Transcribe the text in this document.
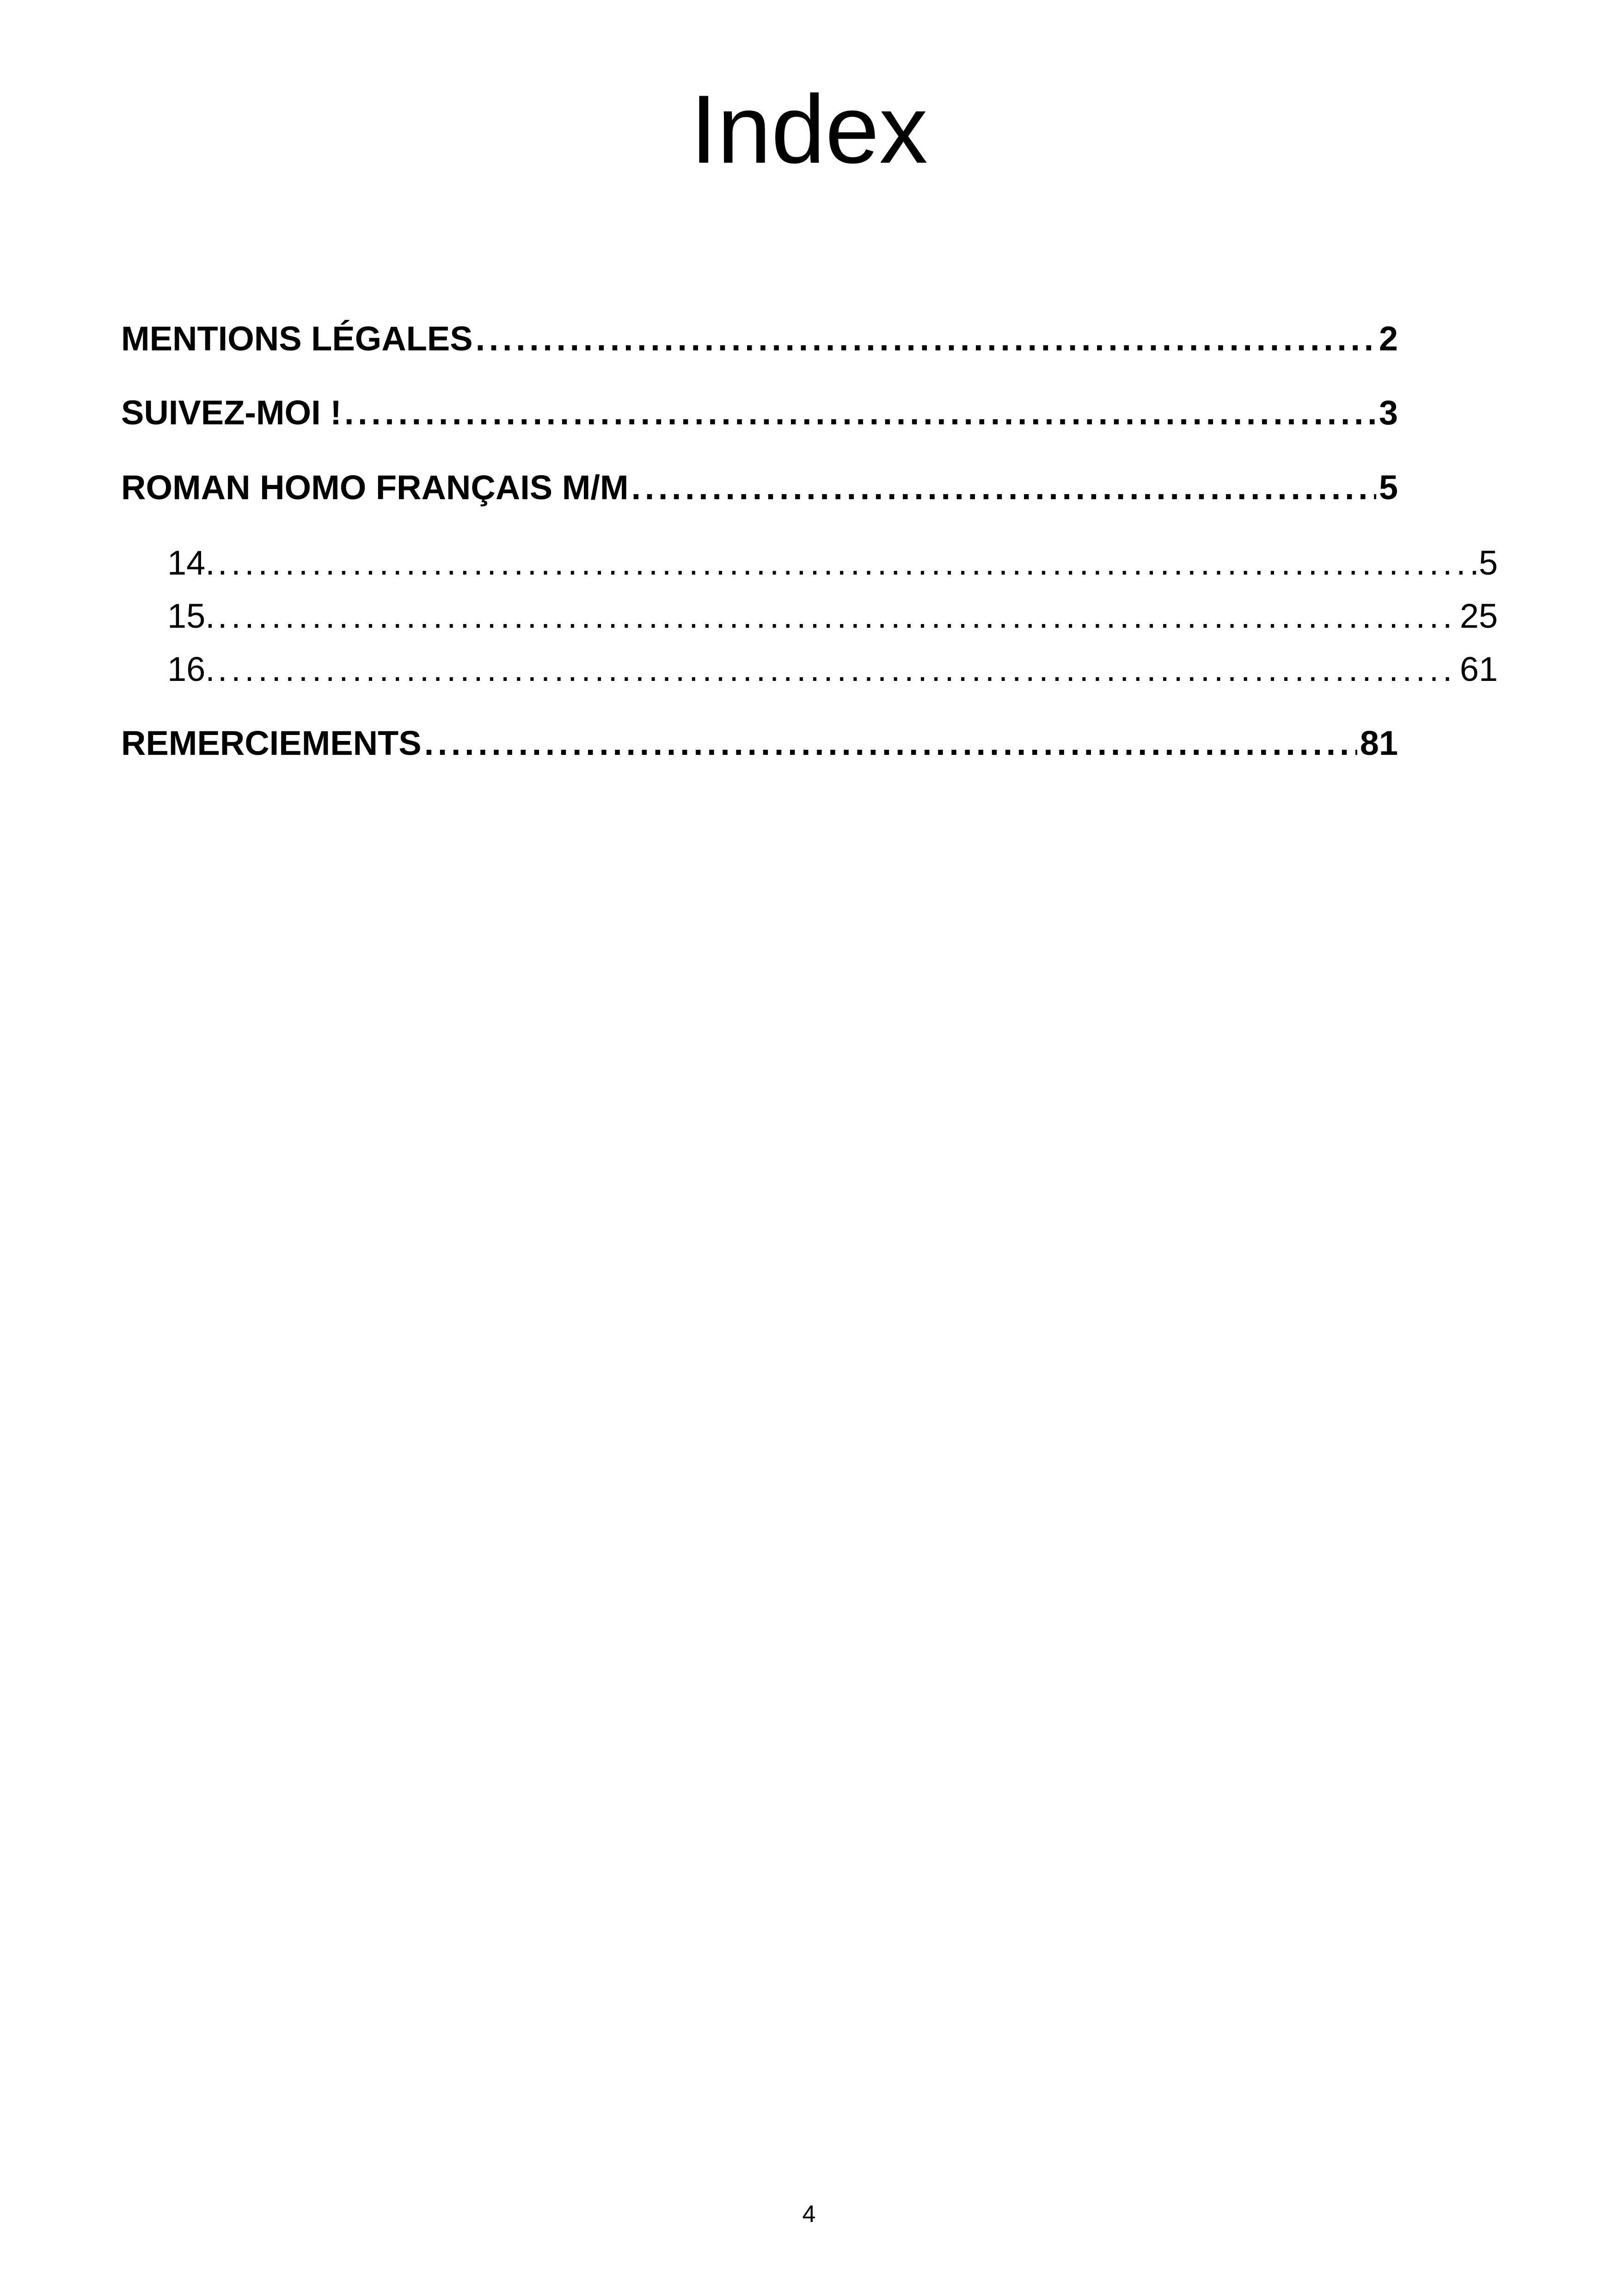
Index
MENTIONS LÉGALES . . .	2
SUIVEZ-MOI ! . . .	3
ROMAN HOMO FRANÇAIS M/M . . .	5
14. . . .	5
15. . . .	25
16. . . .	61
REMERCIEMENTS . . .	81
4
